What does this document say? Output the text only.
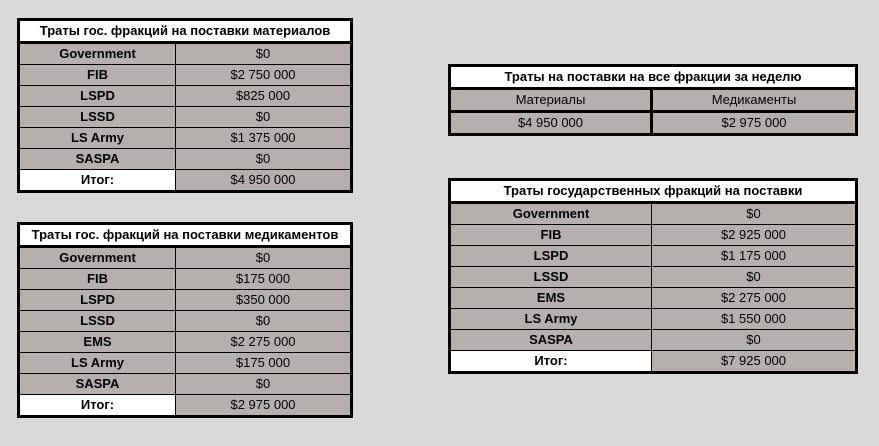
Траты гос. фракций на поставки материалов	
Government	$0
FIB	$2 750 000
LSPD	$825 000
LSSD	$0
LS Army	$1 375 000
SASPA	$0
Итог:	$4 950 000
Траты гос. фракций на поставки медикаментов	
Government	$0
FIB	$175 000
LSPD	$350 000
LSSD	$0
EMS	$2 275 000
LS Army	$175 000
SASPA	$0
Итог:	$2 975 000
Траты на поставки на все фракции за неделю	
Материалы	Медикаменты
$4 950 000	$2 975 000
Траты государственных фракций на поставки	
Government	$0
FIB	$2 925 000
LSPD	$1 175 000
LSSD	$0
EMS	$2 275 000
LS Army	$1 550 000
SASPA	$0
Итог:	$7 925 000
